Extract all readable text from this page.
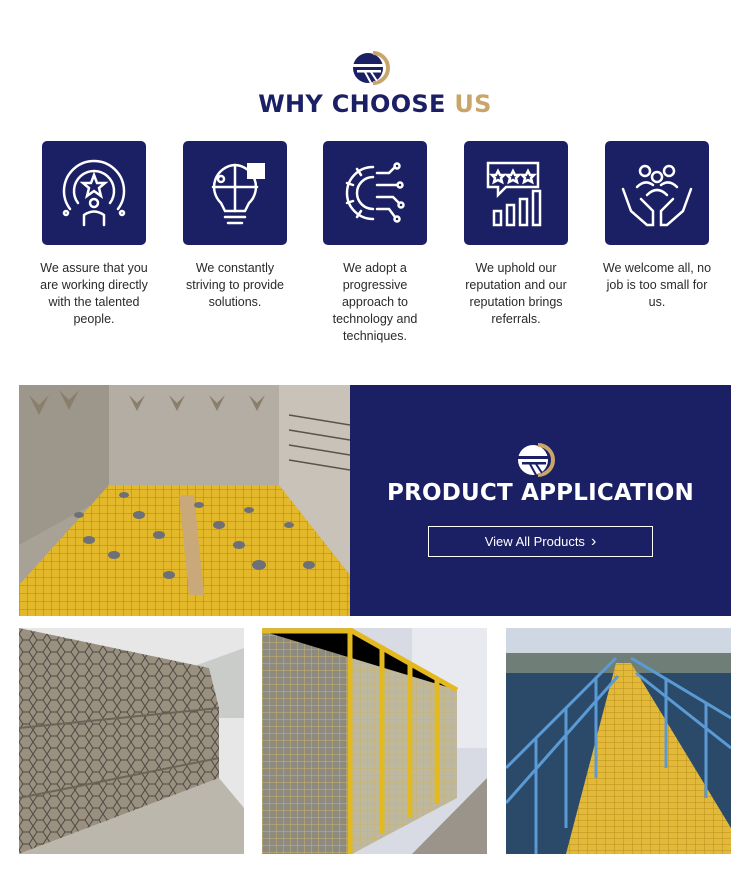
WHY CHOOSE US
We assure that you are working directly with the talented people.
We constantly striving to provide solutions.
We adopt a progressive approach to technology and techniques.
We uphold our reputation and our reputation brings referrals.
We welcome all, no job is too small for us.
PRODUCT APPLICATION
View All Products ›
